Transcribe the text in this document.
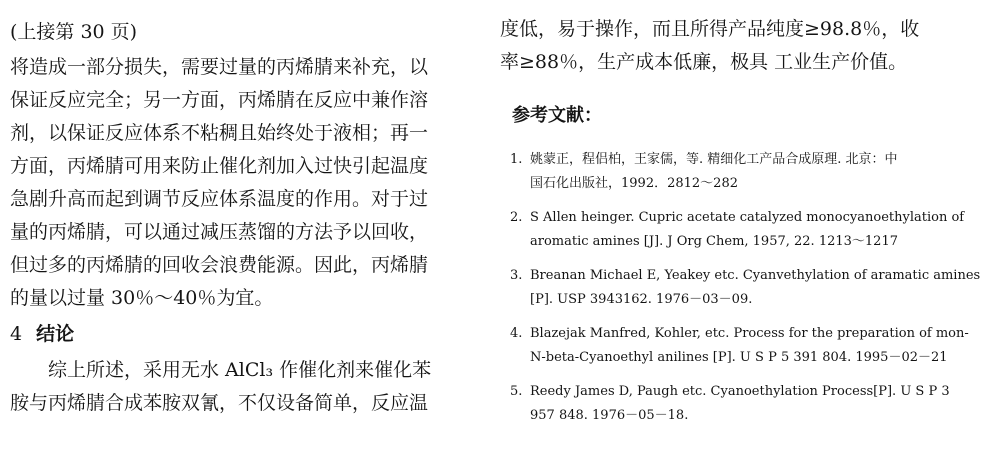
(上接第 30 页)
将造成一部分损失，需要过量的丙烯腈来补充，以
保证反应完全；另一方面，丙烯腈在反应中兼作溶
剂，以保证反应体系不粘稠且始终处于液相；再一
方面，丙烯腈可用来防止催化剂加入过快引起温度
急剧升高而起到调节反应体系温度的作用。对于过
量的丙烯腈，可以通过减压蒸馏的方法予以回收，
但过多的丙烯腈的回收会浪费能源。因此，丙烯腈
的量以过量 30％～40％为宜。
4 结论
综上所述，采用无水 AlCl₃ 作催化剂来催化苯
胺与丙烯腈合成苯胺双氰，不仅设备简单，反应温
度低，易于操作，而且所得产品纯度≥98.8％，收
率≥88％，生产成本低廉，极具 工业生产价值。
参考文献：
1. 姚蒙正，程侣柏，王家儒，等. 精细化工产品合成原理. 北京：中
国石化出版社，1992．2812～282
2. S Allen heinger. Cupric acetate catalyzed monocyanoethylation of
aromatic amines [J]. J Org Chem, 1957, 22. 1213～1217
3. Breanan Michael E, Yeakey etc. Cyanvethylation of aramatic amines
[P]. USP 3943162. 1976－03－09.
4. Blazejak Manfred, Kohler, etc. Process for the preparation of mon-
N-beta-Cyanoethyl anilines [P]. U S P 5 391 804. 1995－02－21
5. Reedy James D, Paugh etc. Cyanoethylation Process[P]. U S P 3
957 848. 1976－05－18.
